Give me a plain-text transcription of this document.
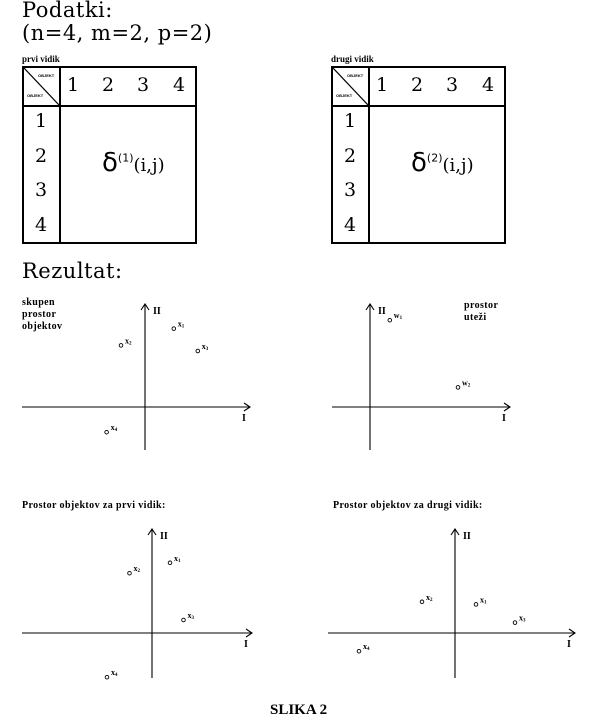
Podatki:
(n=4, m=2, p=2)
prvi vidik
OBJEKT
OBJEKT 1 2 3 4
1
2
3
4
$\delta^{(1)}(i,j)$
drugi vidik
OBJEKT
OBJEKT 1 2 3 4
1
2
3
4
$\delta^{(2)}(i,j)$
Rezultat:
skupen
prostor
objektov
prostor
uteži
Prostor objektov za prvi vidik:	Prostor objektov za drugi vidik:
I
II
x1
x2	x3
x4
I
II w1
w2
I
II
x1
x2
x3
x4
I
II
x1
x2
x3
x4
SLIKA 2
